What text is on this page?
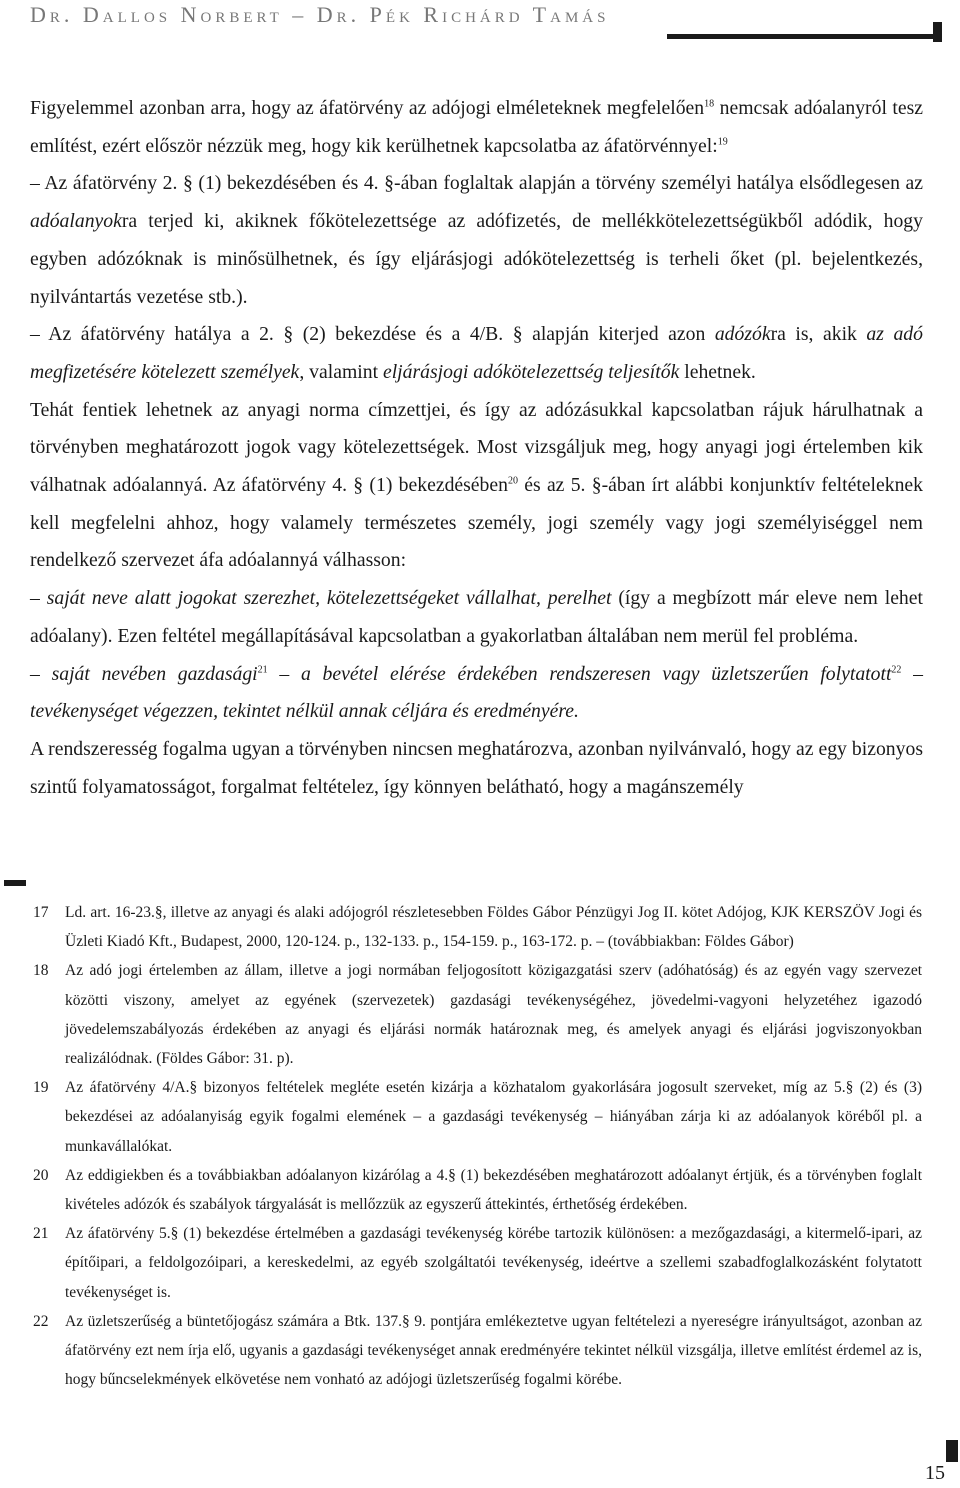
Dr. Dallos Norbert – Dr. Pék Richárd Tamás

Figyelemmel azonban arra, hogy az áfatörvény az adójogi elméleteknek megfelelően$^{18}$ nemcsak adóalanyról tesz említést, ezért először nézzük meg, hogy kik kerülhetnek kapcsolatba az áfatörvénnyel:$^{19}$

– Az áfatörvény 2. § (1) bekezdésében és 4. §-ában foglaltak alapján a törvény személyi hatálya elsődlegesen az adóalanyokra terjed ki, akiknek főkötelezettsége az adófizetés, de mellékkötelezettségükből adódik, hogy egyben adózóknak is minősülhetnek, és így eljárásjogi adókötelezettség is terheli őket (pl. bejelentkezés, nyilvántartás vezetése stb.).

– Az áfatörvény hatálya a 2. § (2) bekezdése és a 4/B. § alapján kiterjed azon adózókra is, akik az adó megfizetésére kötelezett személyek, valamint eljárásjogi adókötelezettség teljesítők lehetnek.

Tehát fentiek lehetnek az anyagi norma címzettjei, és így az adózásukkal kapcsolatban rájuk hárulhatnak a törvényben meghatározott jogok vagy kötelezettségek. Most vizsgáljuk meg, hogy anyagi jogi értelemben kik válhatnak adóalannyá. Az áfatörvény 4. § (1) bekezdésében$^{20}$ és az 5. §-ában írt alábbi konjunktív feltételeknek kell megfelelni ahhoz, hogy valamely természetes személy, jogi személy vagy jogi személyiséggel nem rendelkező szervezet áfa adóalannyá válhasson:

– saját neve alatt jogokat szerezhet, kötelezettségeket vállalhat, perelhet (így a megbízott már eleve nem lehet adóalany). Ezen feltétel megállapításával kapcsolatban a gyakorlatban általában nem merül fel probléma.

– saját nevében gazdasági$^{21}$ – a bevétel elérése érdekében rendszeresen vagy üzletszerűen folytatott$^{22}$ – tevékenységet végezzen, tekintet nélkül annak céljára és eredményére.

A rendszeresség fogalma ugyan a törvényben nincsen meghatározva, azonban nyilvánvaló, hogy az egy bizonyos szintű folyamatosságot, forgalmat feltételez, így könnyen belátható, hogy a magánszemély

17 Ld. art. 16-23.§, illetve az anyagi és alaki adójogról részletesebben Földes Gábor Pénzügyi Jog II. kötet Adójog, KJK KERSZÖV Jogi és Üzleti Kiadó Kft., Budapest, 2000, 120-124. p., 132-133. p., 154-159. p., 163-172. p. – (továbbiakban: Földes Gábor)

18 Az adó jogi értelemben az állam, illetve a jogi normában feljogosított közigazgatási szerv (adóhatóság) és az egyén vagy szervezet közötti viszony, amelyet az egyének (szervezetek) gazdasági tevékenységéhez, jövedelmi-vagyoni helyzetéhez igazodó jövedelemszabályozás érdekében az anyagi és eljárási normák határoznak meg, és amelyek anyagi és eljárási jogviszonyokban realizálódnak. (Földes Gábor: 31. p).

19 Az áfatörvény 4/A.§ bizonyos feltételek megléte esetén kizárja a közhatalom gyakorlására jogosult szerveket, míg az 5.§ (2) és (3) bekezdései az adóalanyiság egyik fogalmi elemének – a gazdasági tevékenység – hiányában zárja ki az adóalanyok köréből pl. a munkavállalókat.

20 Az eddigiekben és a továbbiakban adóalanyon kizárólag a 4.§ (1) bekezdésében meghatározott adóalanyt értjük, és a törvényben foglalt kivételes adózók és szabályok tárgyalását is mellőzzük az egyszerű áttekintés, érthetőség érdekében.

21 Az áfatörvény 5.§ (1) bekezdése értelmében a gazdasági tevékenység körébe tartozik különösen: a mezőgazdasági, a kitermelő-ipari, az építőipari, a feldolgozóipari, a kereskedelmi, az egyéb szolgáltatói tevékenység, ideértve a szellemi szabadfoglalkozásként folytatott tevékenységet is.

22 Az üzletszerűség a büntetőjogász számára a Btk. 137.§ 9. pontjára emlékeztetve ugyan feltételezi a nyereségre irányultságot, azonban az áfatörvény ezt nem írja elő, ugyanis a gazdasági tevékenységet annak eredményére tekintet nélkül vizsgálja, illetve említést érdemel az is, hogy bűncselekmények elkövetése nem vonható az adójogi üzletszerűség fogalmi körébe.

15
